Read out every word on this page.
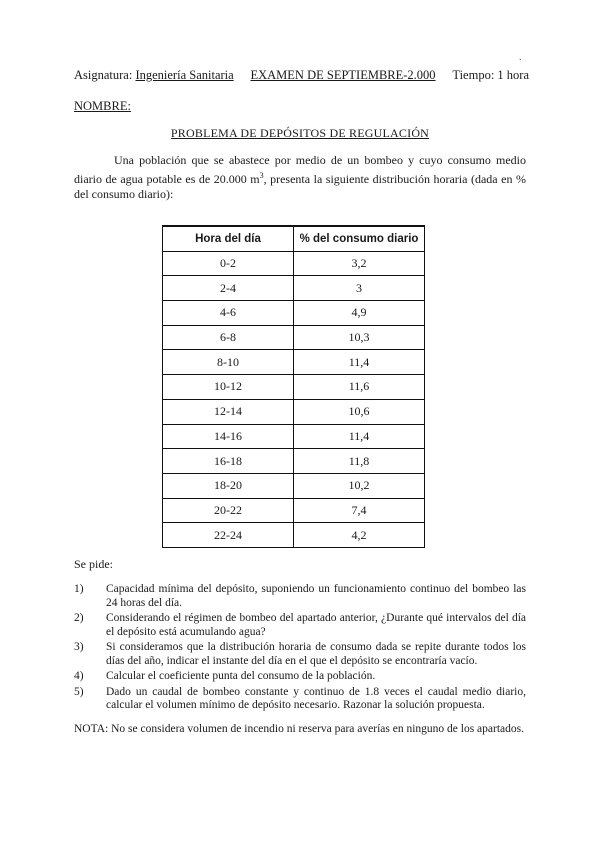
.
Asignatura: Ingeniería Sanitaria EXAMEN DE SEPTIEMBRE-2.000 Tiempo: 1 hora
NOMBRE:
PROBLEMA DE DEPÓSITOS DE REGULACIÓN
Una población que se abastece por medio de un bombeo y cuyo consumo medio diario de agua potable es de 20.000 $m^3$, presenta la siguiente distribución horaria (dada en % del consumo diario):
Hora del día	% del consumo diario
0-2	3,2
2-4	3
4-6	4,9
6-8	10,3
8-10	11,4
10-12	11,6
12-14	10,6
14-16	11,4
16-18	11,8
18-20	10,2
20-22	7,4
22-24	4,2
Se pide:
1)	Capacidad mínima del depósito, suponiendo un funcionamiento continuo del bombeo las 24 horas del día.
2)	Considerando el régimen de bombeo del apartado anterior, ¿Durante qué intervalos del día el depósito está acumulando agua?
3)	Si consideramos que la distribución horaria de consumo dada se repite durante todos los días del año, indicar el instante del día en el que el depósito se encontraría vacío.
4)	Calcular el coeficiente punta del consumo de la población.
5)	Dado un caudal de bombeo constante y continuo de 1.8 veces el caudal medio diario, calcular el volumen mínimo de depósito necesario. Razonar la solución propuesta.
NOTA: No se considera volumen de incendio ni reserva para averías en ninguno de los apartados.
